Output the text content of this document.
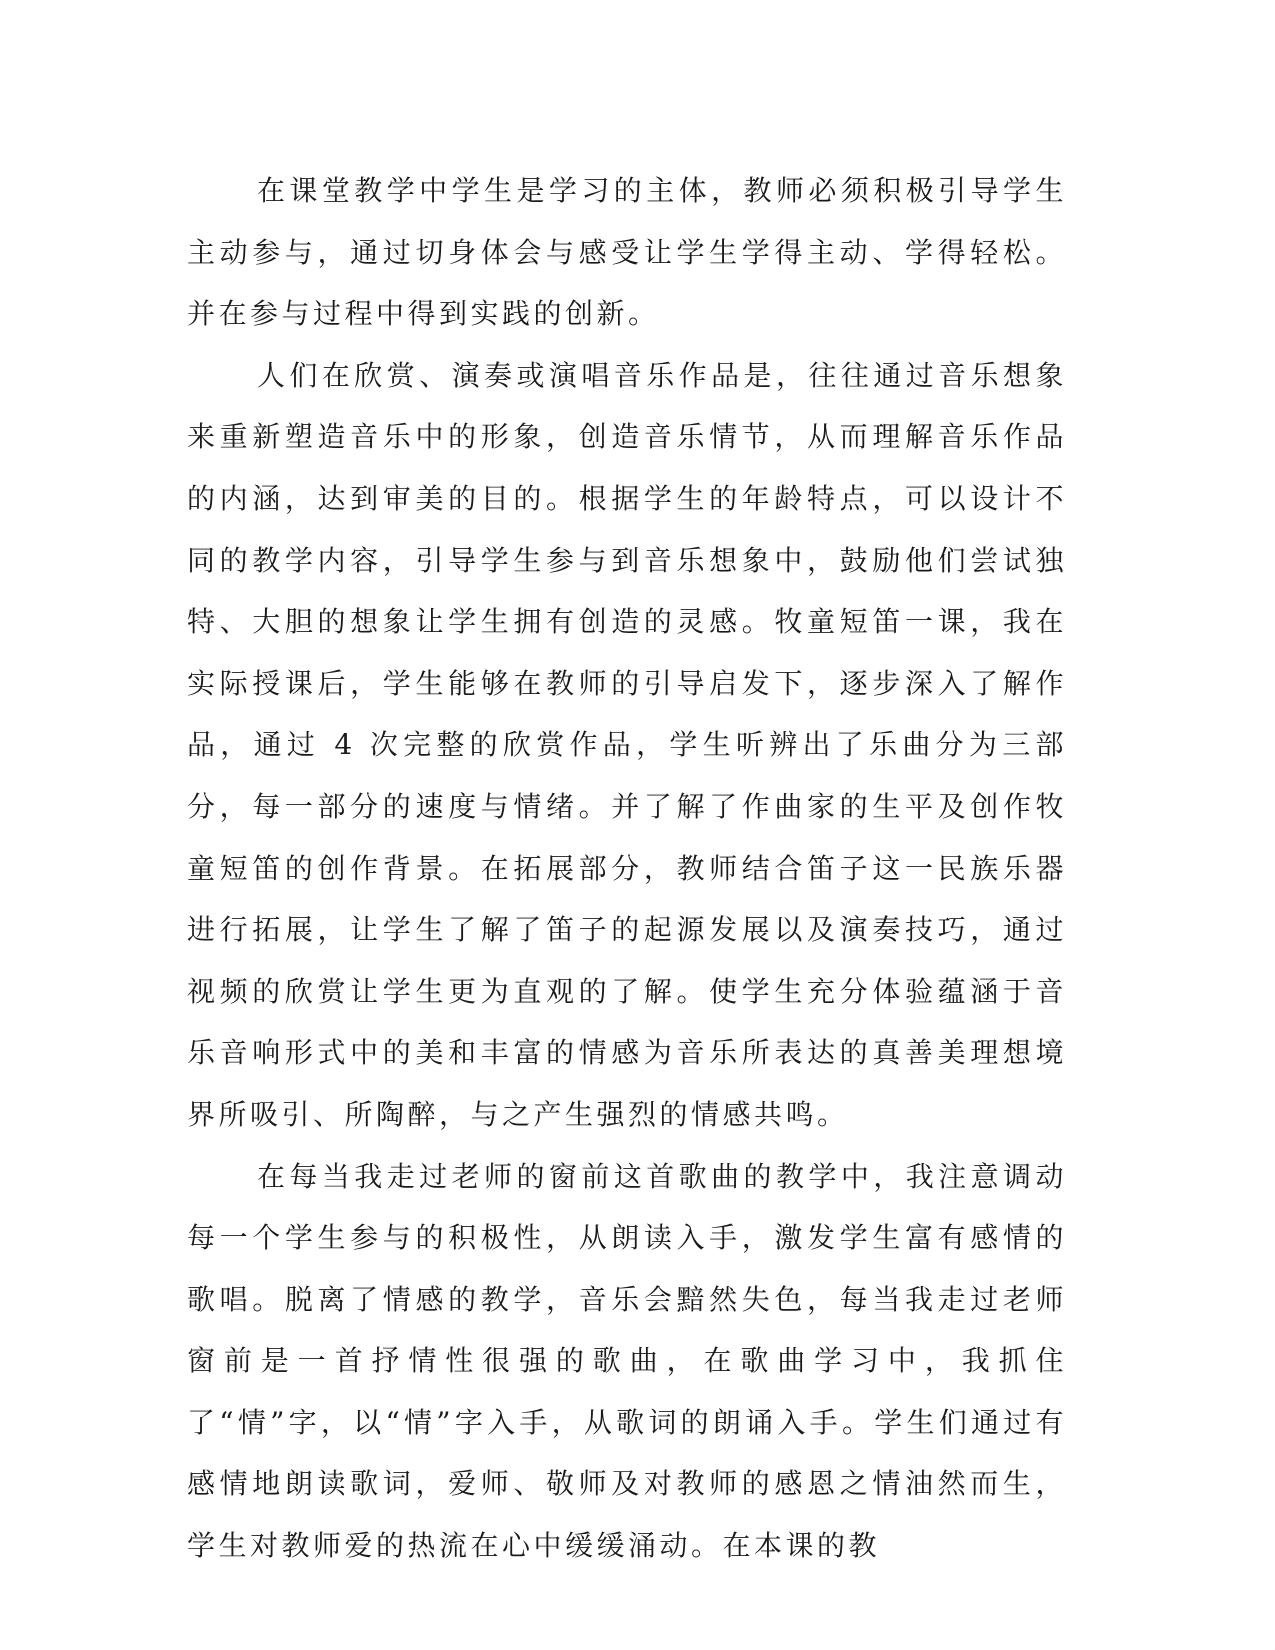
在课堂教学中学生是学习的主体，教师必须积极引导学生主动参与，通过切身体会与感受让学生学得主动、学得轻松。并在参与过程中得到实践的创新。

人们在欣赏、演奏或演唱音乐作品是，往往通过音乐想象来重新塑造音乐中的形象，创造音乐情节，从而理解音乐作品的内涵，达到审美的目的。根据学生的年龄特点，可以设计不同的教学内容，引导学生参与到音乐想象中，鼓励他们尝试独特、大胆的想象让学生拥有创造的灵感。牧童短笛一课，我在实际授课后，学生能够在教师的引导启发下，逐步深入了解作品，通过 4 次完整的欣赏作品，学生听辨出了乐曲分为三部分，每一部分的速度与情绪。并了解了作曲家的生平及创作牧童短笛的创作背景。在拓展部分，教师结合笛子这一民族乐器进行拓展，让学生了解了笛子的起源发展以及演奏技巧，通过视频的欣赏让学生更为直观的了解。使学生充分体验蕴涵于音乐音响形式中的美和丰富的情感为音乐所表达的真善美理想境界所吸引、所陶醉，与之产生强烈的情感共鸣。

在每当我走过老师的窗前这首歌曲的教学中，我注意调动每一个学生参与的积极性，从朗读入手，激发学生富有感情的歌唱。脱离了情感的教学，音乐会黯然失色，每当我走过老师窗前是一首抒情性很强的歌曲，在歌曲学习中，我抓住了“情”字，以“情”字入手，从歌词的朗诵入手。学生们通过有感情地朗读歌词，爱师、敬师及对教师的感恩之情油然而生，学生对教师爱的热流在心中缓缓涌动。在本课的教
